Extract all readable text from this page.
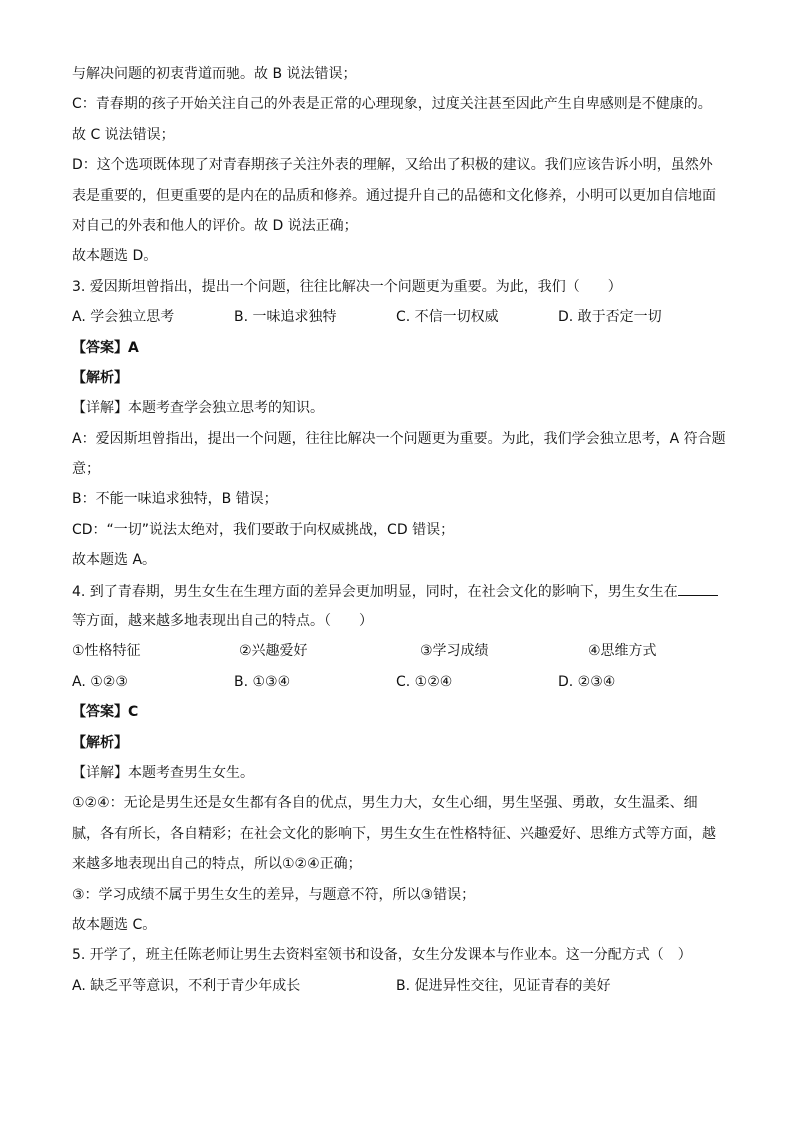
与解决问题的初衷背道而驰。故 B 说法错误；
C：青春期的孩子开始关注自己的外表是正常的心理现象，过度关注甚至因此产生自卑感则是不健康的。
故 C 说法错误；
D：这个选项既体现了对青春期孩子关注外表的理解，又给出了积极的建议。我们应该告诉小明，虽然外
表是重要的，但更重要的是内在的品质和修养。通过提升自己的品德和文化修养，小明可以更加自信地面
对自己的外表和他人的评价。故 D 说法正确；
故本题选 D。
3. 爱因斯坦曾指出，提出一个问题，往往比解决一个问题更为重要。为此，我们（　　）
A. 学会独立思考	B. 一味追求独特	C. 不信一切权威	D. 敢于否定一切
【答案】A
【解析】
【详解】本题考查学会独立思考的知识。
A：爱因斯坦曾指出，提出一个问题，往往比解决一个问题更为重要。为此，我们学会独立思考，A 符合题
意；
B：不能一味追求独特，B 错误；
CD：“一切”说法太绝对，我们要敢于向权威挑战，CD 错误；
故本题选 A。
4. 到了青春期，男生女生在生理方面的差异会更加明显，同时，在社会文化的影响下，男生女生在
等方面，越来越多地表现出自己的特点。（　　）
①性格特征	②兴趣爱好	③学习成绩	④思维方式
A. ①②③	B. ①③④	C. ①②④	D. ②③④
【答案】C
【解析】
【详解】本题考查男生女生。
①②④：无论是男生还是女生都有各自的优点，男生力大，女生心细，男生坚强、勇敢，女生温柔、细
腻，各有所长，各自精彩；在社会文化的影响下，男生女生在性格特征、兴趣爱好、思维方式等方面，越
来越多地表现出自己的特点，所以①②④正确；
③：学习成绩不属于男生女生的差异，与题意不符，所以③错误；
故本题选 C。
5. 开学了，班主任陈老师让男生去资料室领书和设备，女生分发课本与作业本。这一分配方式（　）
A. 缺乏平等意识，不利于青少年成长	B. 促进异性交往，见证青春的美好
